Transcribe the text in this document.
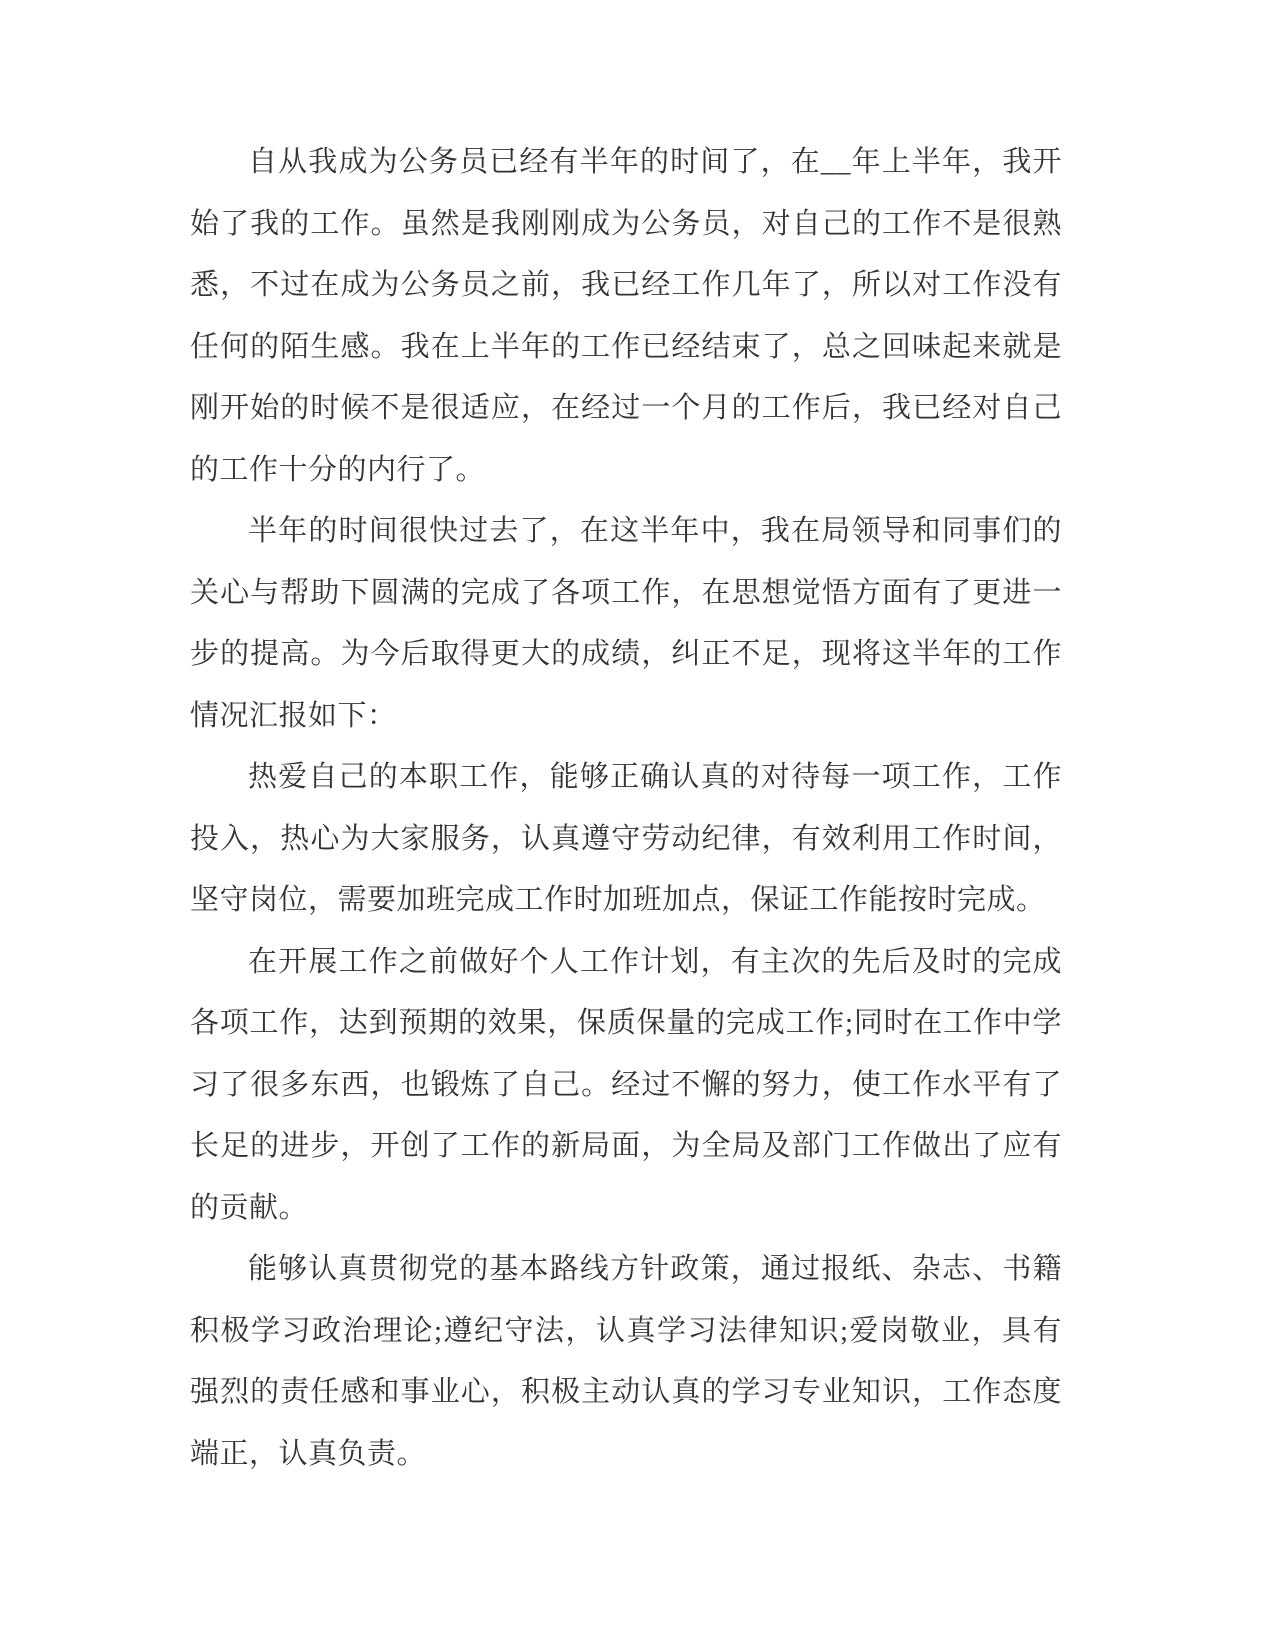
自从我成为公务员已经有半年的时间了，在__年上半年，我开始了我的工作。虽然是我刚刚成为公务员，对自己的工作不是很熟悉，不过在成为公务员之前，我已经工作几年了，所以对工作没有任何的陌生感。我在上半年的工作已经结束了，总之回味起来就是刚开始的时候不是很适应，在经过一个月的工作后，我已经对自己的工作十分的内行了。

半年的时间很快过去了，在这半年中，我在局领导和同事们的关心与帮助下圆满的完成了各项工作，在思想觉悟方面有了更进一步的提高。为今后取得更大的成绩，纠正不足，现将这半年的工作情况汇报如下：

热爱自己的本职工作，能够正确认真的对待每一项工作，工作投入，热心为大家服务，认真遵守劳动纪律，有效利用工作时间，坚守岗位，需要加班完成工作时加班加点，保证工作能按时完成。

在开展工作之前做好个人工作计划，有主次的先后及时的完成各项工作，达到预期的效果，保质保量的完成工作;同时在工作中学习了很多东西，也锻炼了自己。经过不懈的努力，使工作水平有了长足的进步，开创了工作的新局面，为全局及部门工作做出了应有的贡献。

能够认真贯彻党的基本路线方针政策，通过报纸、杂志、书籍积极学习政治理论;遵纪守法，认真学习法律知识;爱岗敬业，具有强烈的责任感和事业心，积极主动认真的学习专业知识，工作态度端正，认真负责。
